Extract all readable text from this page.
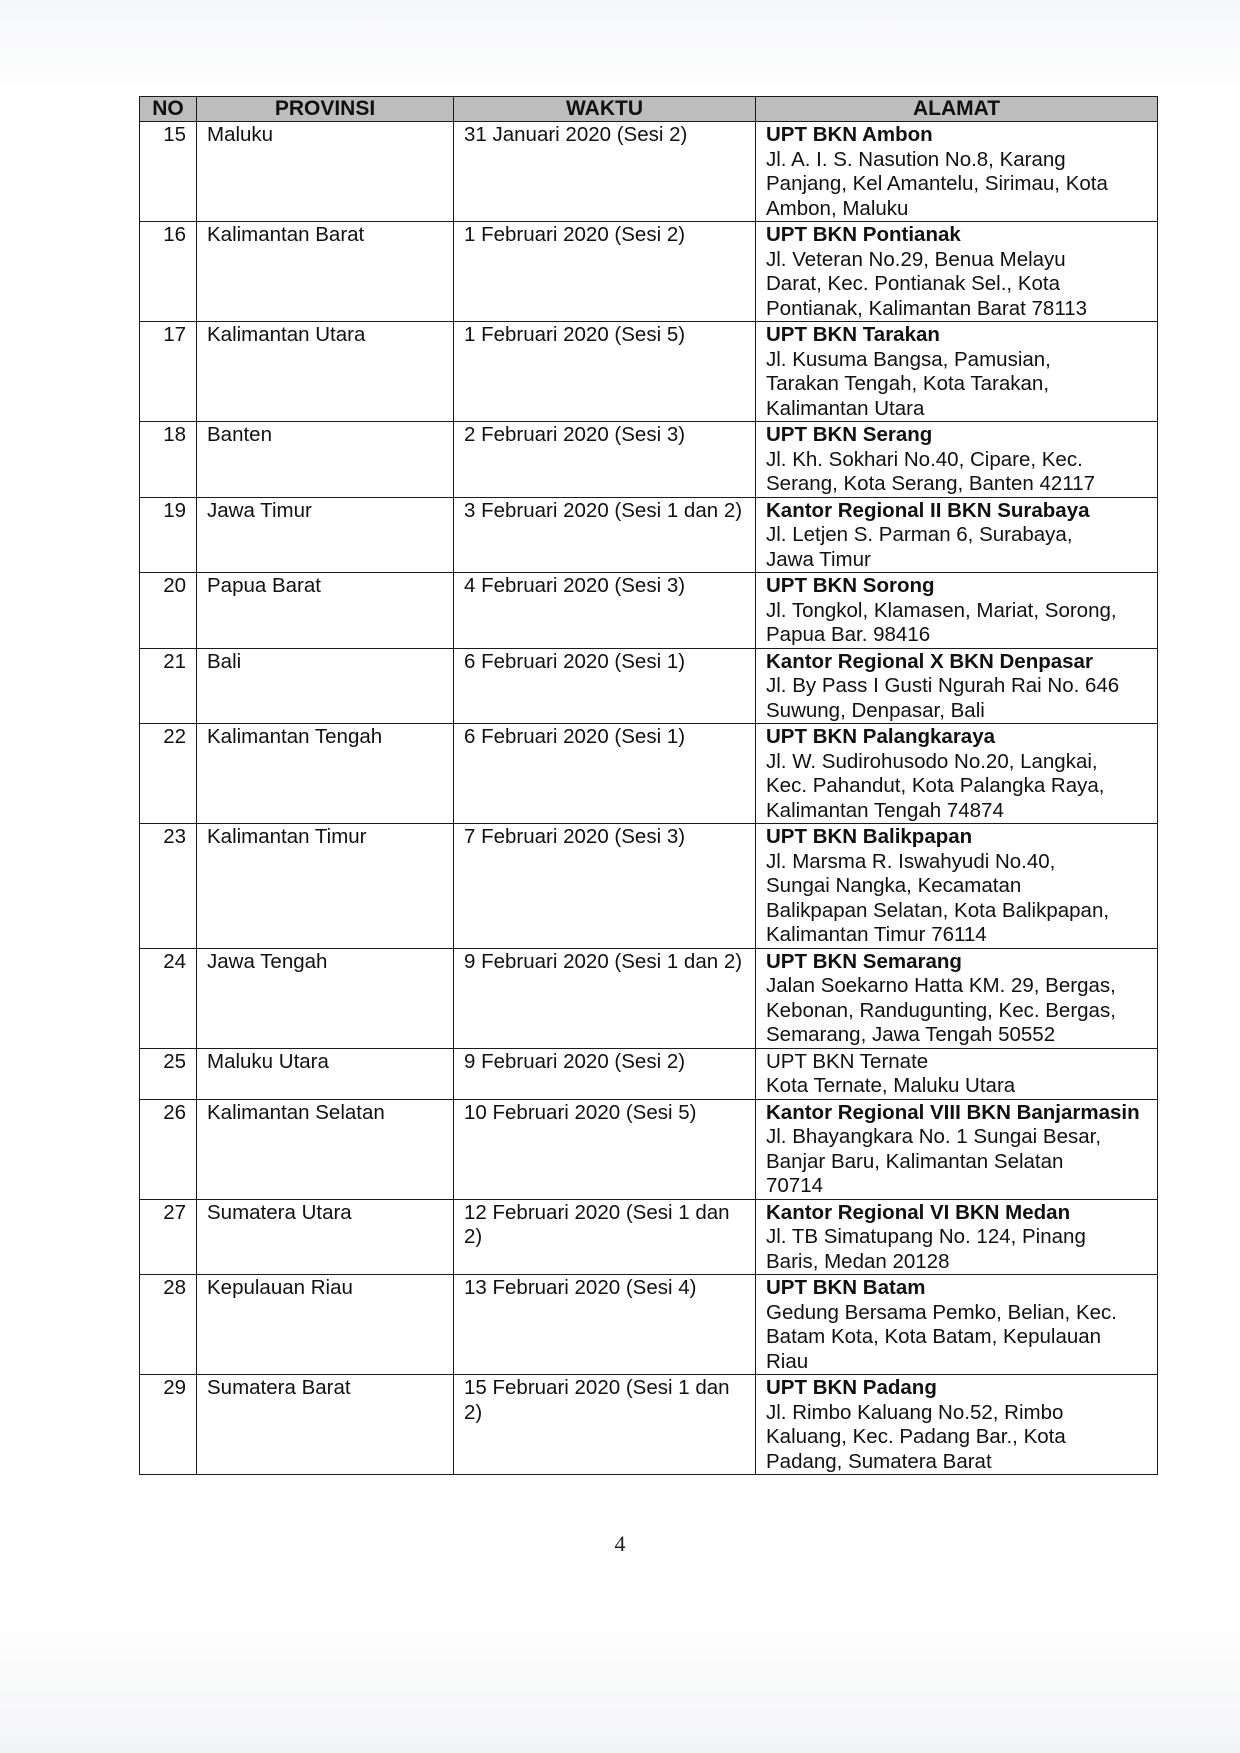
NO	PROVINSI	WAKTU	ALAMAT
15	Maluku	31 Januari 2020 (Sesi 2)	UPT BKN Ambon
Jl. A. I. S. Nasution No.8, Karang
Panjang, Kel Amantelu, Sirimau, Kota
Ambon, Maluku

16	Kalimantan Barat	1 Februari 2020 (Sesi 2)	UPT BKN Pontianak
Jl. Veteran No.29, Benua Melayu
Darat, Kec. Pontianak Sel., Kota
Pontianak, Kalimantan Barat 78113

17	Kalimantan Utara	1 Februari 2020 (Sesi 5)	UPT BKN Tarakan
Jl. Kusuma Bangsa, Pamusian,
Tarakan Tengah, Kota Tarakan,
Kalimantan Utara

18	Banten	2 Februari 2020 (Sesi 3)	UPT BKN Serang
Jl. Kh. Sokhari No.40, Cipare, Kec.
Serang, Kota Serang, Banten 42117

19	Jawa Timur	3 Februari 2020 (Sesi 1 dan 2)	Kantor Regional II BKN Surabaya
Jl. Letjen S. Parman 6, Surabaya,
Jawa Timur

20	Papua Barat	4 Februari 2020 (Sesi 3)	UPT BKN Sorong
Jl. Tongkol, Klamasen, Mariat, Sorong,
Papua Bar. 98416

21	Bali	6 Februari 2020 (Sesi 1)	Kantor Regional X BKN Denpasar
Jl. By Pass I Gusti Ngurah Rai No. 646
Suwung, Denpasar, Bali

22	Kalimantan Tengah	6 Februari 2020 (Sesi 1)	UPT BKN Palangkaraya
Jl. W. Sudirohusodo No.20, Langkai,
Kec. Pahandut, Kota Palangka Raya,
Kalimantan Tengah 74874

23	Kalimantan Timur	7 Februari 2020 (Sesi 3)	UPT BKN Balikpapan
Jl. Marsma R. Iswahyudi No.40,
Sungai Nangka, Kecamatan
Balikpapan Selatan, Kota Balikpapan,
Kalimantan Timur 76114

24	Jawa Tengah	9 Februari 2020 (Sesi 1 dan 2)	UPT BKN Semarang
Jalan Soekarno Hatta KM. 29, Bergas,
Kebonan, Randugunting, Kec. Bergas,
Semarang, Jawa Tengah 50552

25	Maluku Utara	9 Februari 2020 (Sesi 2)	UPT BKN Ternate
Kota Ternate, Maluku Utara

26	Kalimantan Selatan	10 Februari 2020 (Sesi 5)	Kantor Regional VIII BKN Banjarmasin
Jl. Bhayangkara No. 1 Sungai Besar,
Banjar Baru, Kalimantan Selatan
70714

27	Sumatera Utara	12 Februari 2020 (Sesi 1 dan 2)	Kantor Regional VI BKN Medan
Jl. TB Simatupang No. 124, Pinang
Baris, Medan 20128

28	Kepulauan Riau	13 Februari 2020 (Sesi 4)	UPT BKN Batam
Gedung Bersama Pemko, Belian, Kec.
Batam Kota, Kota Batam, Kepulauan
Riau

29	Sumatera Barat	15 Februari 2020 (Sesi 1 dan 2)	UPT BKN Padang
Jl. Rimbo Kaluang No.52, Rimbo
Kaluang, Kec. Padang Bar., Kota
Padang, Sumatera Barat
4
